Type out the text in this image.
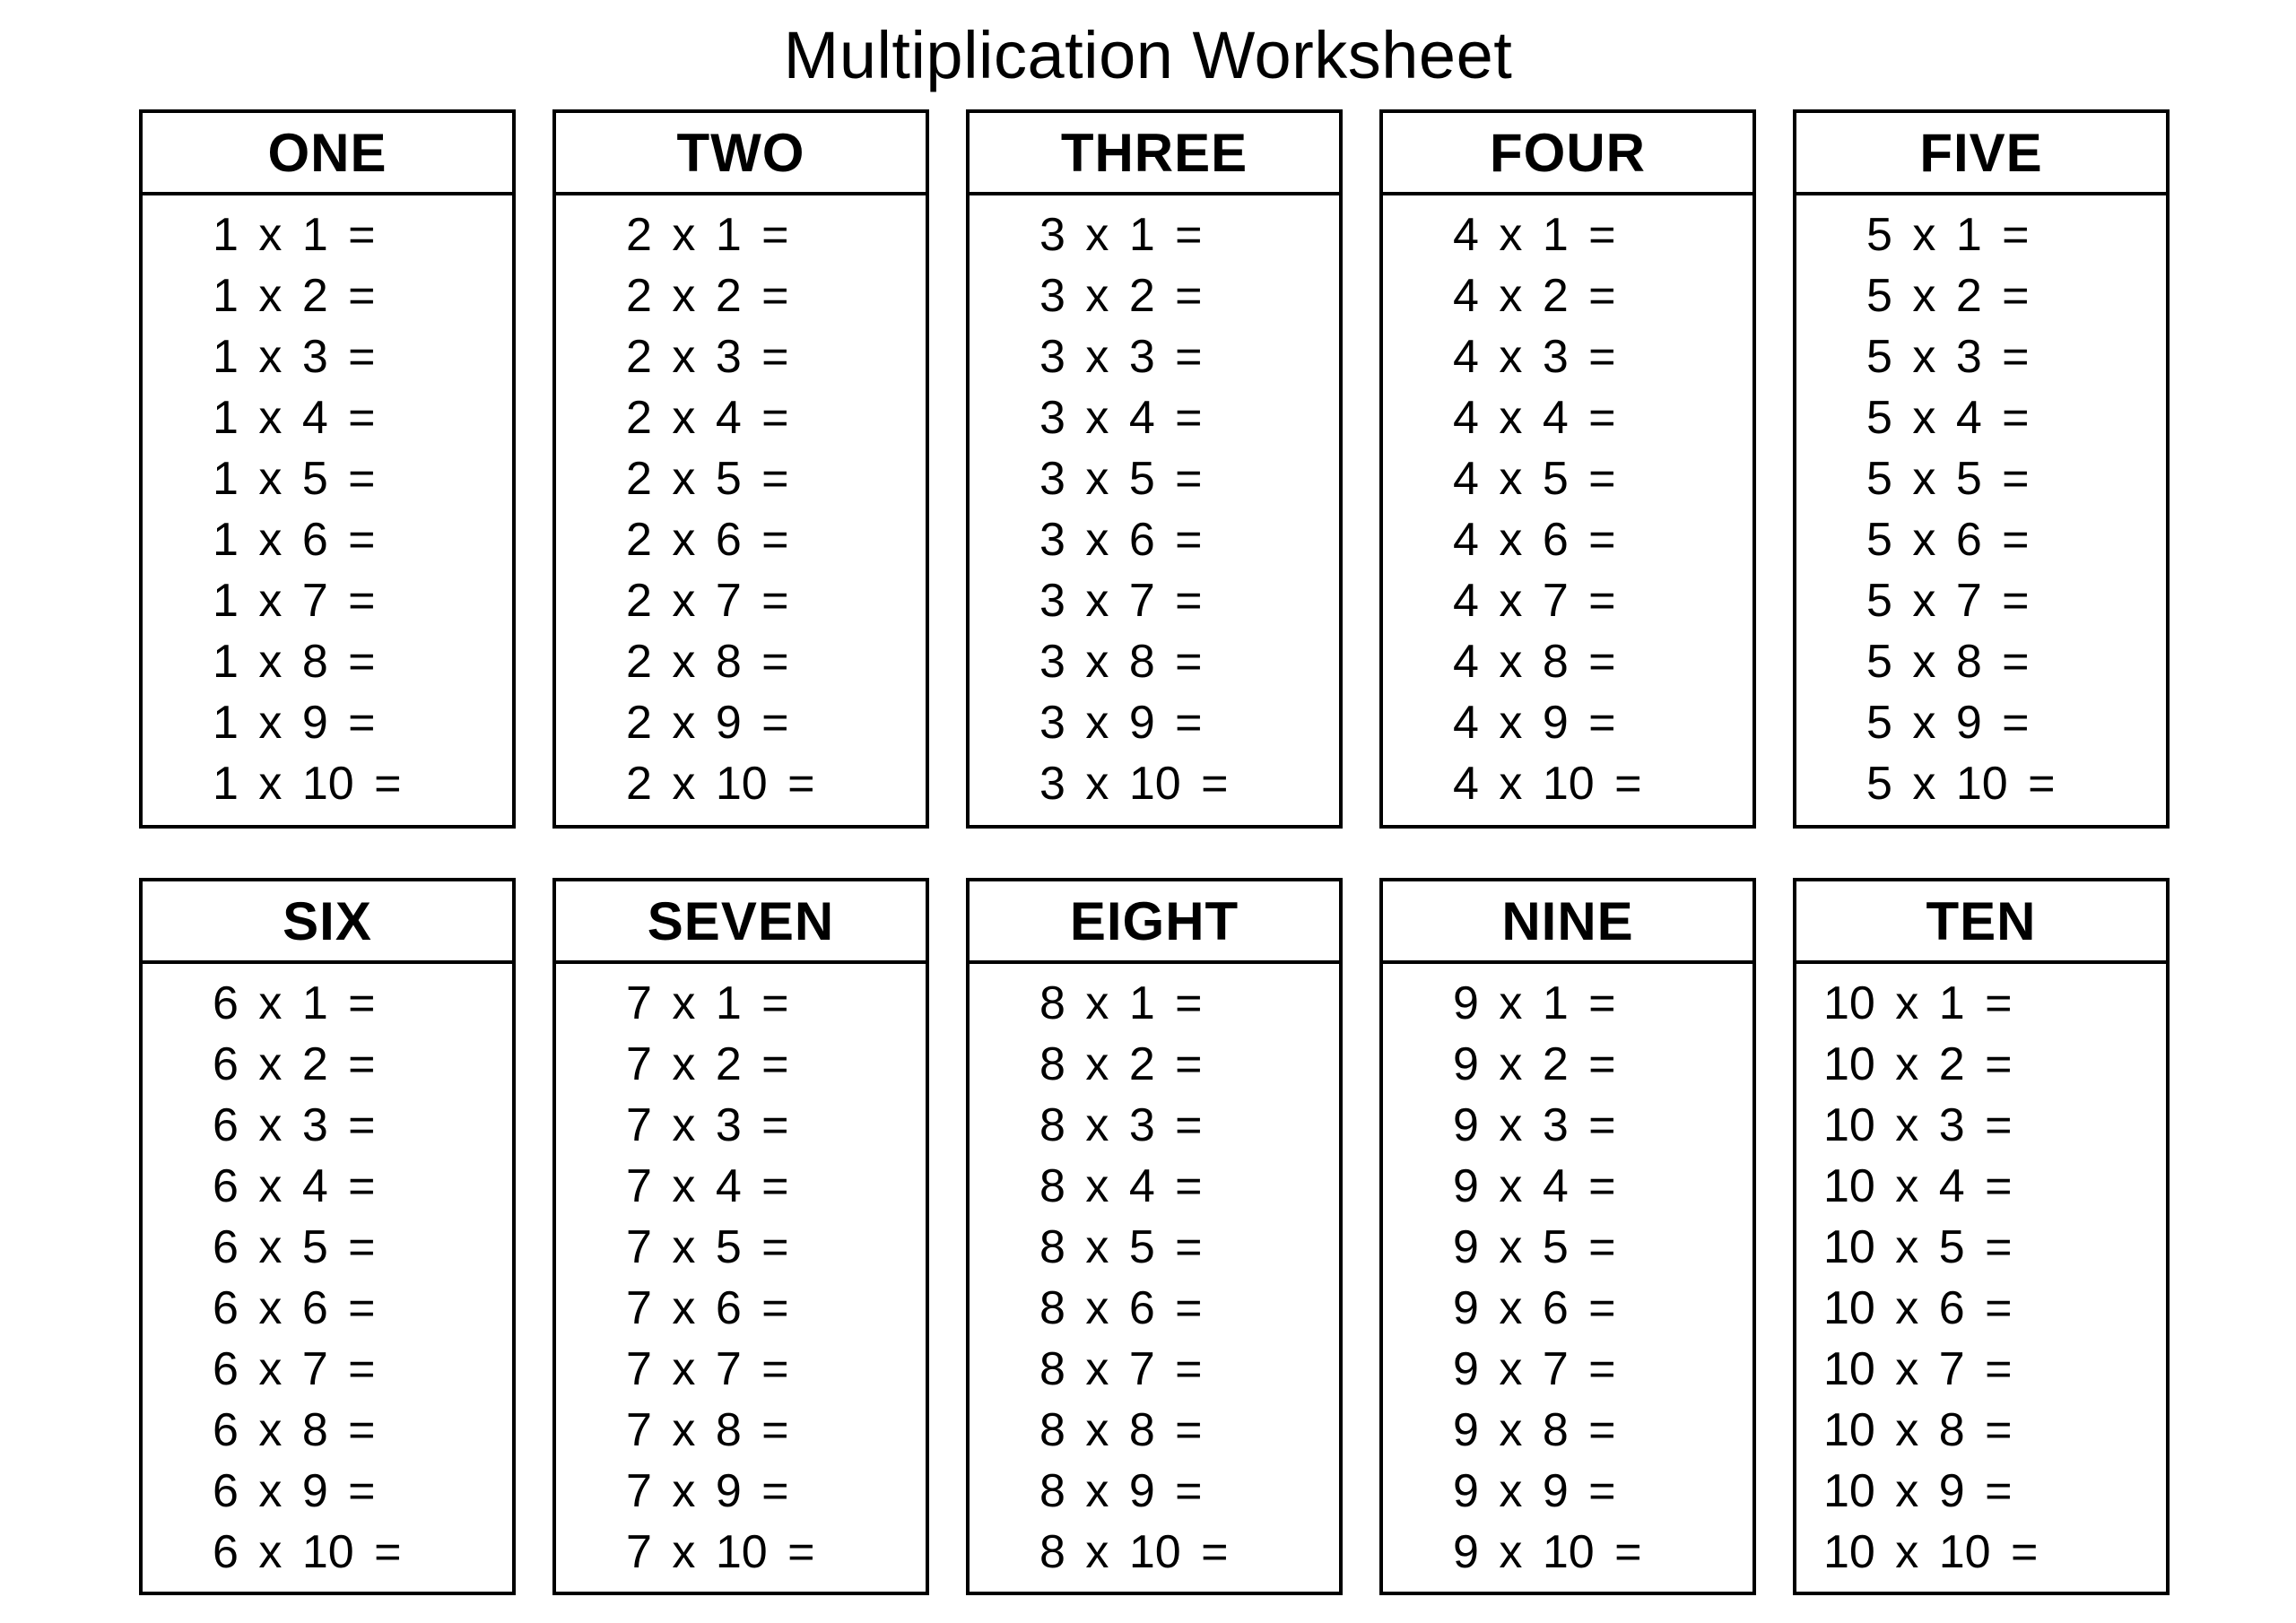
Multiplication Worksheet
ONE
1 x 1 =
1 x 2 =
1 x 3 =
1 x 4 =
1 x 5 =
1 x 6 =
1 x 7 =
1 x 8 =
1 x 9 =
1 x 10 =
TWO
2 x 1 =
2 x 2 =
2 x 3 =
2 x 4 =
2 x 5 =
2 x 6 =
2 x 7 =
2 x 8 =
2 x 9 =
2 x 10 =
THREE
3 x 1 =
3 x 2 =
3 x 3 =
3 x 4 =
3 x 5 =
3 x 6 =
3 x 7 =
3 x 8 =
3 x 9 =
3 x 10 =
FOUR
4 x 1 =
4 x 2 =
4 x 3 =
4 x 4 =
4 x 5 =
4 x 6 =
4 x 7 =
4 x 8 =
4 x 9 =
4 x 10 =
FIVE
5 x 1 =
5 x 2 =
5 x 3 =
5 x 4 =
5 x 5 =
5 x 6 =
5 x 7 =
5 x 8 =
5 x 9 =
5 x 10 =
SIX
6 x 1 =
6 x 2 =
6 x 3 =
6 x 4 =
6 x 5 =
6 x 6 =
6 x 7 =
6 x 8 =
6 x 9 =
6 x 10 =
SEVEN
7 x 1 =
7 x 2 =
7 x 3 =
7 x 4 =
7 x 5 =
7 x 6 =
7 x 7 =
7 x 8 =
7 x 9 =
7 x 10 =
EIGHT
8 x 1 =
8 x 2 =
8 x 3 =
8 x 4 =
8 x 5 =
8 x 6 =
8 x 7 =
8 x 8 =
8 x 9 =
8 x 10 =
NINE
9 x 1 =
9 x 2 =
9 x 3 =
9 x 4 =
9 x 5 =
9 x 6 =
9 x 7 =
9 x 8 =
9 x 9 =
9 x 10 =
TEN
10 x 1 =
10 x 2 =
10 x 3 =
10 x 4 =
10 x 5 =
10 x 6 =
10 x 7 =
10 x 8 =
10 x 9 =
10 x 10 =
